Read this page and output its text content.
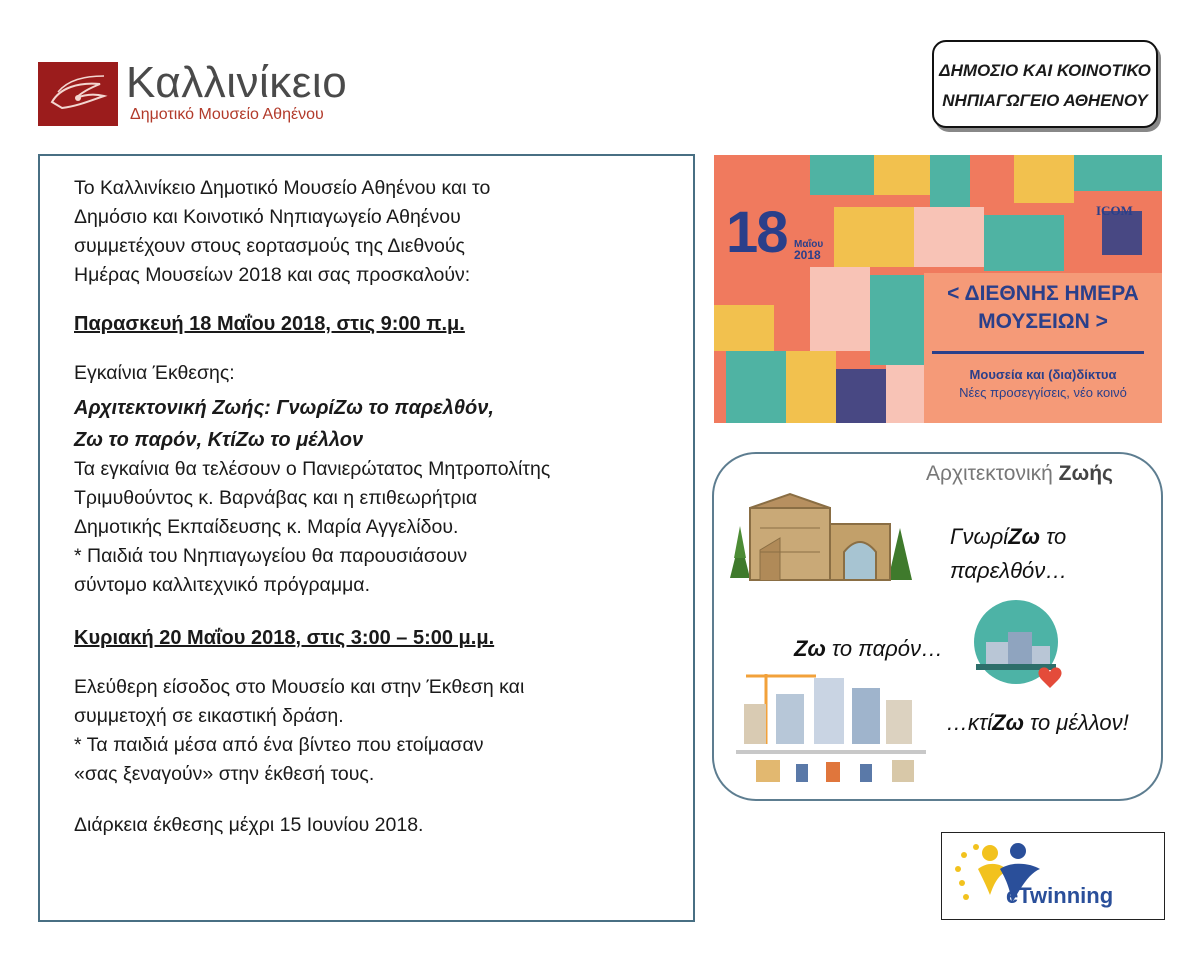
Καλλινίκειο
Δημοτικό Μουσείο Αθηένου
ΔΗΜΟΣΙΟ ΚΑΙ ΚΟΙΝΟΤΙΚΟ
ΝΗΠΙΑΓΩΓΕΙΟ ΑΘΗΕΝΟΥ

Το Καλλινίκειο Δημοτικό Μουσείο Αθηένου και το

Δημόσιο και Κοινοτικό Νηπιαγωγείο Αθηένου

συμμετέχουν στους εορτασμούς της Διεθνούς

Ημέρας Μουσείων 2018 και σας προσκαλούν:

Παρασκευή 18 Μαΐου 2018, στις 9:00 π.μ.

Εγκαίνια Έκθεσης:

Αρχιτεκτονική Ζωής: ΓνωρίΖω το παρελθόν,

Ζω το παρόν, ΚτίΖω το μέλλον

Τα εγκαίνια θα τελέσουν ο Πανιερώτατος Μητροπολίτης

Τριμυθούντος κ. Βαρνάβας και η επιθεωρήτρια

Δημοτικής Εκπαίδευσης κ. Μαρία Αγγελίδου.

* Παιδιά του Νηπιαγωγείου θα παρουσιάσουν

σύντομο καλλιτεχνικό πρόγραμμα.

Κυριακή 20 Μαΐου 2018, στις 3:00 – 5:00 μ.μ.

Ελεύθερη είσοδος στο Μουσείο και στην Έκθεση και

συμμετοχή σε εικαστική δράση.

* Τα παιδιά μέσα από ένα βίντεο που ετοίμασαν

«σας ξεναγούν» στην έκθεσή τους.

Διάρκεια έκθεσης μέχρι 15 Ιουνίου 2018.

18 Μαΐου
2018
ICOM
< ΔΙΕΘΝΗΣ ΗΜΕΡΑ
ΜΟΥΣΕΙΩΝ >
Μουσεία και (δια)δίκτυα
Νέες προσεγγίσεις, νέο κοινό
Αρχιτεκτονική Ζωής
ΓνωρίΖω το
παρελθόν…
Ζω το παρόν…
…κτίΖω το μέλλον!
eTwinning
